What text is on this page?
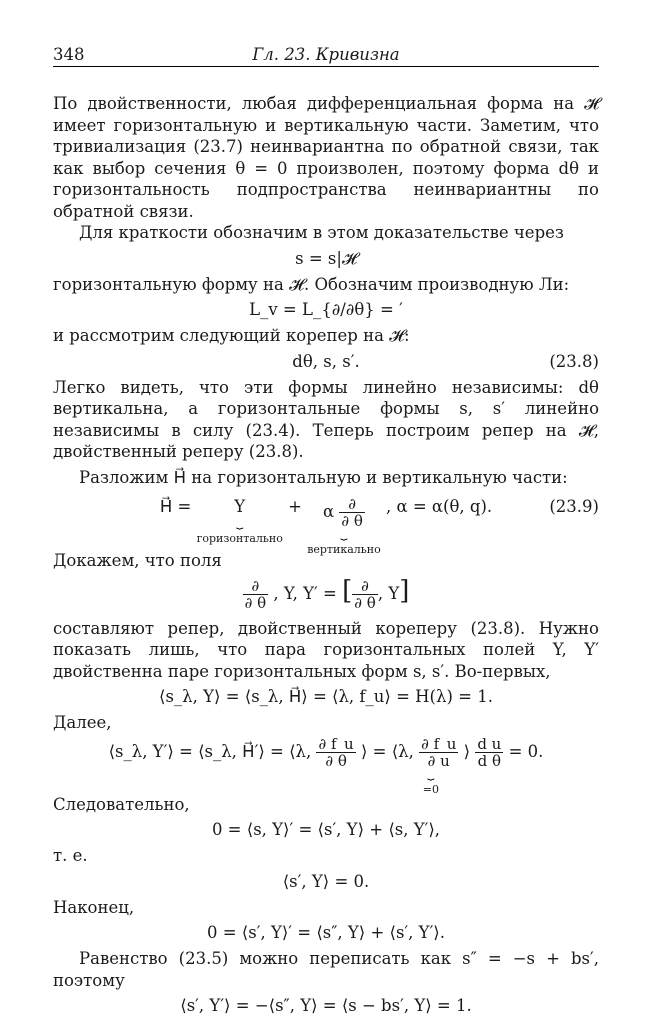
348	Гл. 23. Кривизна

По двойственности, любая дифференциальная форма на 𝓗 имеет горизонтальную и вертикальную части. Заметим, что тривиализация (23.7) неинвариантна по обратной связи, так как выбор сечения θ = 0 произволен, поэтому форма dθ и горизонтальность подпространства неинвариантны по обратной связи.

Для краткости обозначим в этом доказательстве через

s = s|𝓗

горизонтальную форму на 𝓗. Обозначим производную Ли:

L_v = L_{∂/∂θ} = ′

и рассмотрим следующий корепер на 𝓗:

dθ, s, s′.	(23.8)

Легко видеть, что эти формы линейно независимы: dθ вертикальна, а горизонтальные формы s, s′ линейно независимы в силу (23.4). Теперь построим репер на 𝓗, двойственный реперу (23.8).

Разложим H⃗ на горизонтальную и вертикальную части:

H⃗ =	Y
⏟
горизонтально + α $\frac{\partial}{\partial \theta}$
⏟
вертикально , α = α(θ, q).	(23.9)

Докажем, что поля

$\frac{\partial}{\partial \theta}$ , Y, Y′ = [ $\frac{\partial}{\partial \theta}$ , Y]

составляют репер, двойственный кореперу (23.8). Нужно показать лишь, что пара горизонтальных полей Y, Y′ двойственна паре горизонтальных форм s, s′. Во-первых,

⟨s_λ, Y⟩ = ⟨s_λ, H⃗⟩ = ⟨λ, f_u⟩ = H(λ) = 1.

Далее,

⟨s_λ, Y′⟩ = ⟨s_λ, H⃗′⟩ = ⟨λ, $\frac{\partial f\_u}{\partial \theta}$ ⟩ = ⟨λ, $\frac{\partial f\_u}{\partial u}$ ⟩
⏟
=0
$\frac{\text{d u}}{\text{d θ}} = 0$.

Следовательно,

0 = ⟨s, Y⟩′ = ⟨s′, Y⟩ + ⟨s, Y′⟩,

т. е.

⟨s′, Y⟩ = 0.

Наконец,

0 = ⟨s′, Y⟩′ = ⟨s″, Y⟩ + ⟨s′, Y′⟩.

Равенство (23.5) можно переписать как s″ = −s + bs′, поэтому

⟨s′, Y′⟩ = −⟨s″, Y⟩ = ⟨s − bs′, Y⟩ = 1.
